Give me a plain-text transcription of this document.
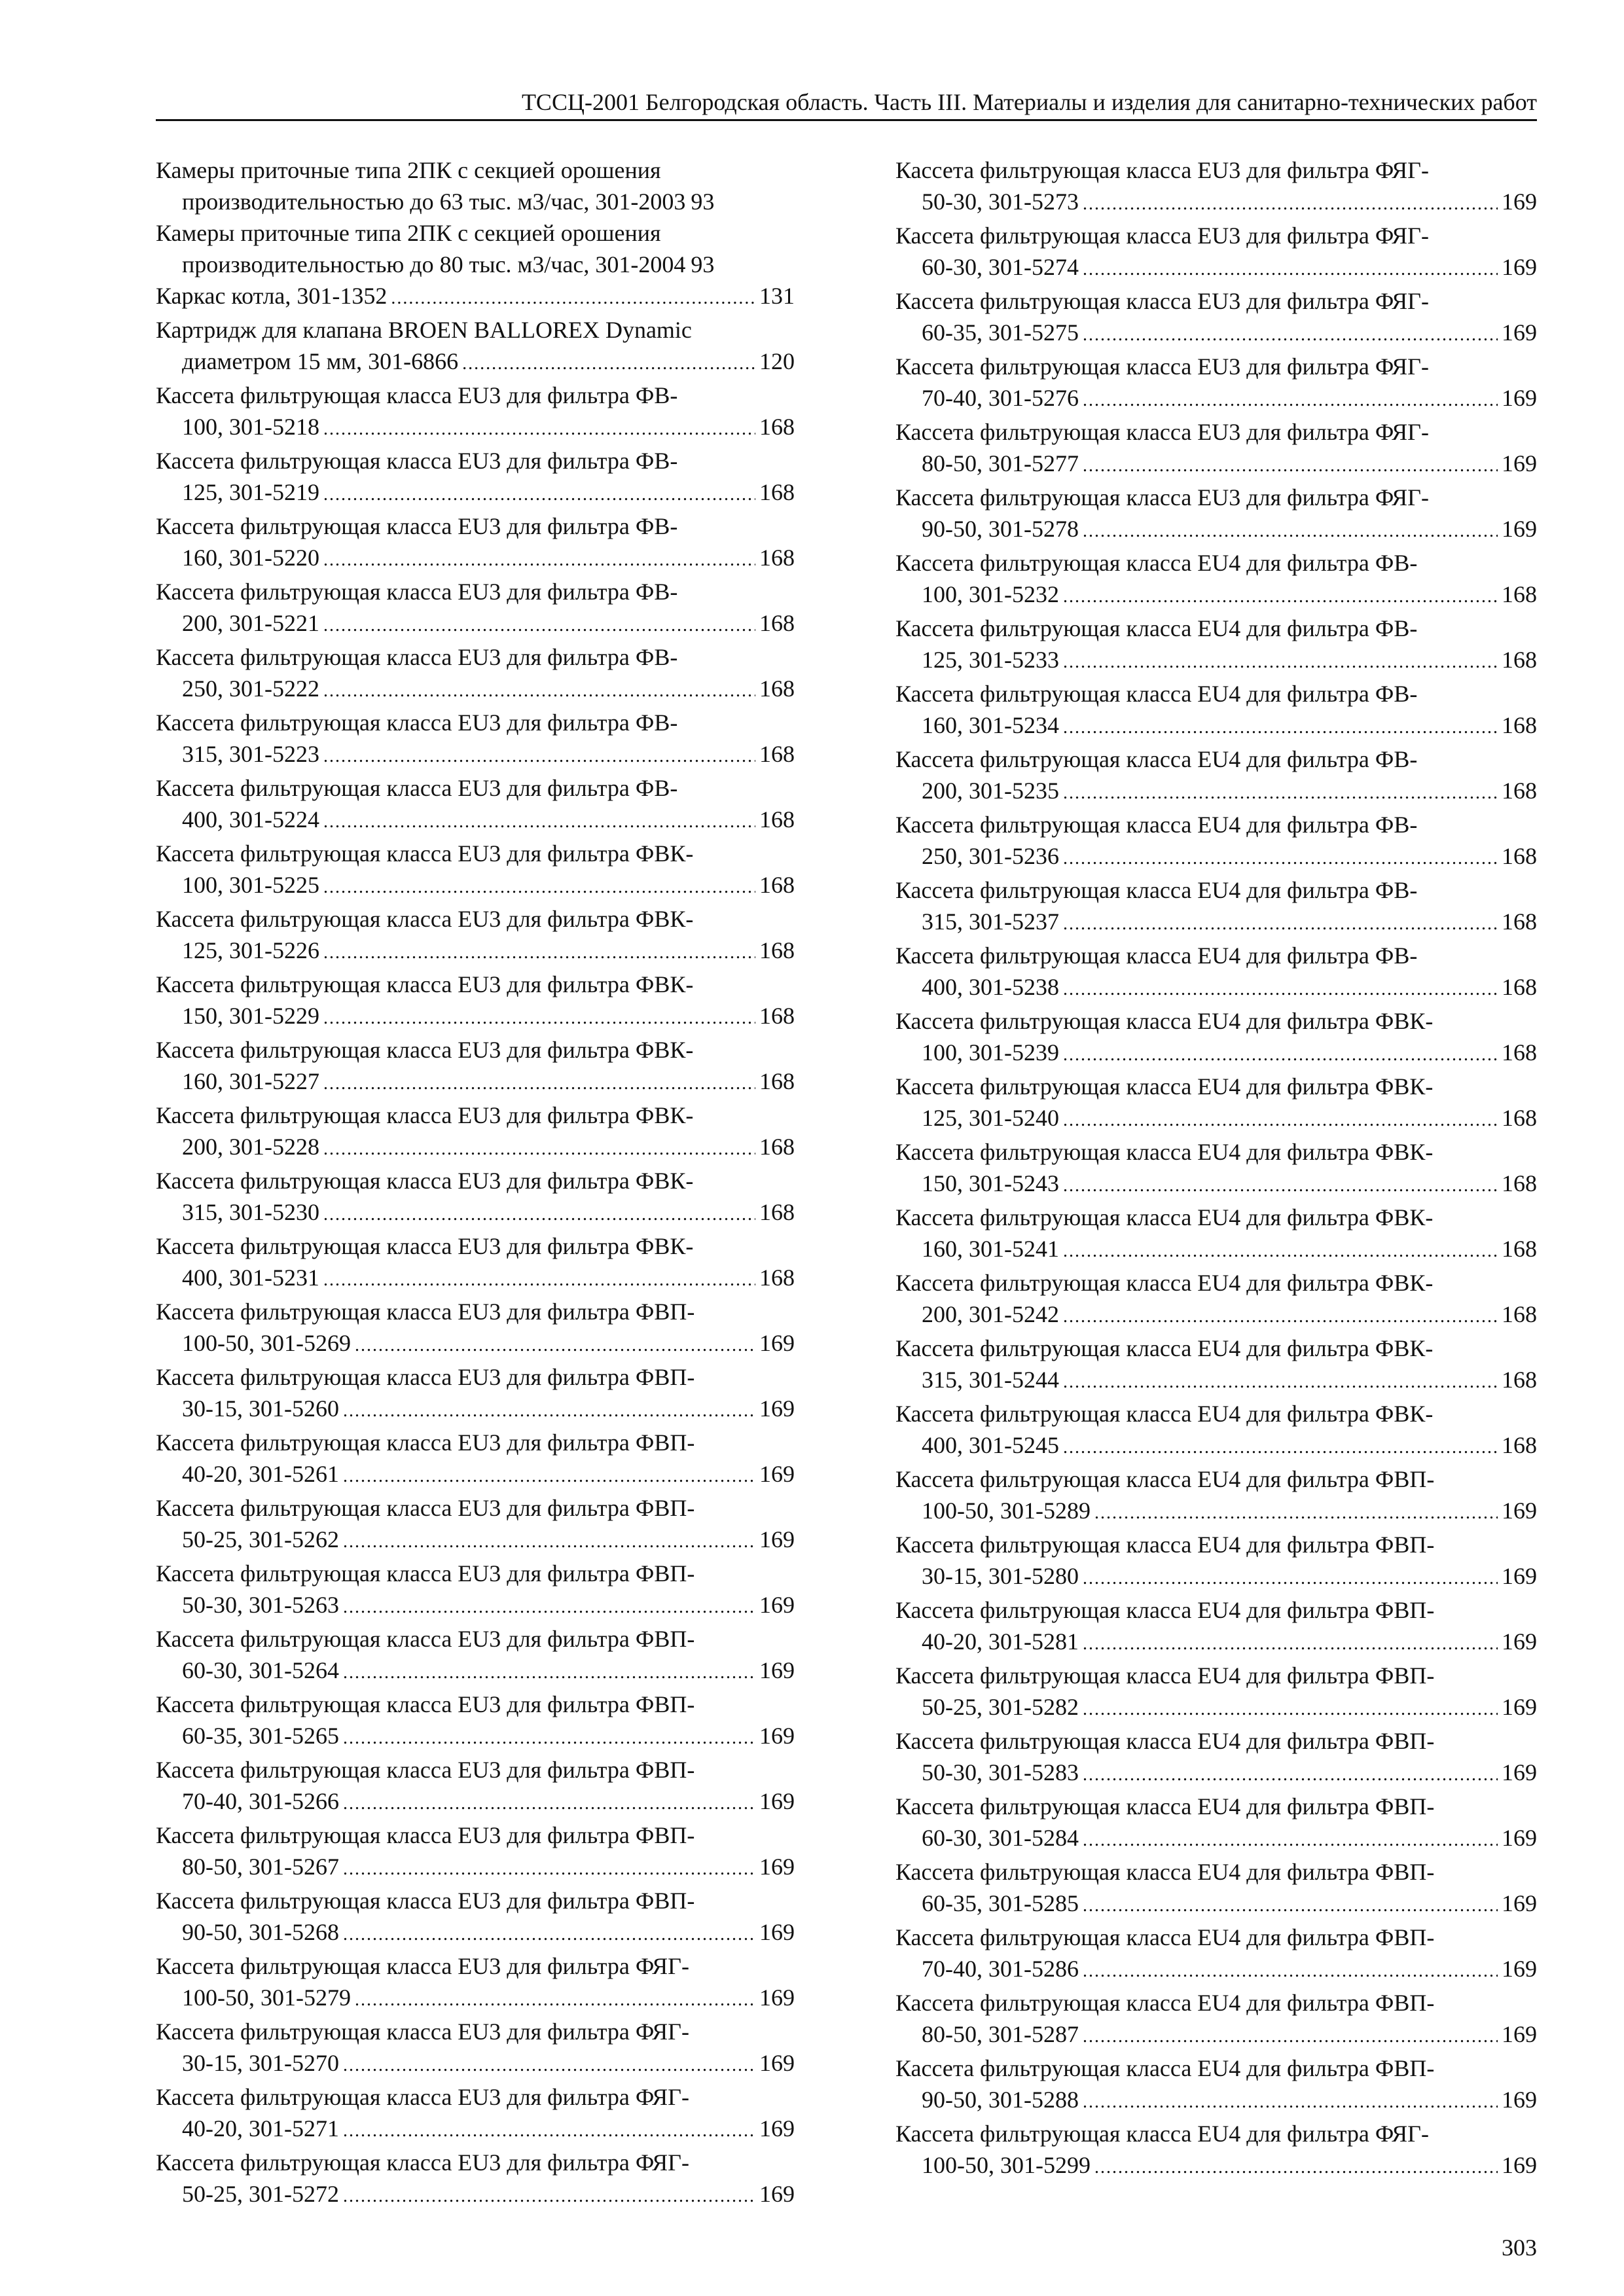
ТССЦ-2001 Белгородская область. Часть III. Материалы и изделия для санитарно-технических работ
Камеры приточные типа 2ПК с секцией орошения
производительностью до 63 тыс. м3/час, 301-2003 93
Камеры приточные типа 2ПК с секцией орошения
производительностью до 80 тыс. м3/час, 301-2004 93
Каркас котла, 301-1352 .....	131
Картридж для клапана BROEN BALLOREX Dynamic
диаметром 15 мм, 301-6866 .....	120
Кассета фильтрующая класса EU3 для фильтра ФВ-
100, 301-5218 .....	168
Кассета фильтрующая класса EU3 для фильтра ФВ-
125, 301-5219 .....	168
Кассета фильтрующая класса EU3 для фильтра ФВ-
160, 301-5220 .....	168
Кассета фильтрующая класса EU3 для фильтра ФВ-
200, 301-5221 .....	168
Кассета фильтрующая класса EU3 для фильтра ФВ-
250, 301-5222 .....	168
Кассета фильтрующая класса EU3 для фильтра ФВ-
315, 301-5223 .....	168
Кассета фильтрующая класса EU3 для фильтра ФВ-
400, 301-5224 .....	168
Кассета фильтрующая класса EU3 для фильтра ФВК-
100, 301-5225 .....	168
Кассета фильтрующая класса EU3 для фильтра ФВК-
125, 301-5226 .....	168
Кассета фильтрующая класса EU3 для фильтра ФВК-
150, 301-5229 .....	168
Кассета фильтрующая класса EU3 для фильтра ФВК-
160, 301-5227 .....	168
Кассета фильтрующая класса EU3 для фильтра ФВК-
200, 301-5228 .....	168
Кассета фильтрующая класса EU3 для фильтра ФВК-
315, 301-5230 .....	168
Кассета фильтрующая класса EU3 для фильтра ФВК-
400, 301-5231 .....	168
Кассета фильтрующая класса EU3 для фильтра ФВП-
100-50, 301-5269 .....	169
Кассета фильтрующая класса EU3 для фильтра ФВП-
30-15, 301-5260 .....	169
Кассета фильтрующая класса EU3 для фильтра ФВП-
40-20, 301-5261 .....	169
Кассета фильтрующая класса EU3 для фильтра ФВП-
50-25, 301-5262 .....	169
Кассета фильтрующая класса EU3 для фильтра ФВП-
50-30, 301-5263 .....	169
Кассета фильтрующая класса EU3 для фильтра ФВП-
60-30, 301-5264 .....	169
Кассета фильтрующая класса EU3 для фильтра ФВП-
60-35, 301-5265 .....	169
Кассета фильтрующая класса EU3 для фильтра ФВП-
70-40, 301-5266 .....	169
Кассета фильтрующая класса EU3 для фильтра ФВП-
80-50, 301-5267 .....	169
Кассета фильтрующая класса EU3 для фильтра ФВП-
90-50, 301-5268 .....	169
Кассета фильтрующая класса EU3 для фильтра ФЯГ-
100-50, 301-5279 .....	169
Кассета фильтрующая класса EU3 для фильтра ФЯГ-
30-15, 301-5270 .....	169
Кассета фильтрующая класса EU3 для фильтра ФЯГ-
40-20, 301-5271 .....	169
Кассета фильтрующая класса EU3 для фильтра ФЯГ-
50-25, 301-5272 .....	169
Кассета фильтрующая класса EU3 для фильтра ФЯГ-
50-30, 301-5273 .....	169
Кассета фильтрующая класса EU3 для фильтра ФЯГ-
60-30, 301-5274 .....	169
Кассета фильтрующая класса EU3 для фильтра ФЯГ-
60-35, 301-5275 .....	169
Кассета фильтрующая класса EU3 для фильтра ФЯГ-
70-40, 301-5276 .....	169
Кассета фильтрующая класса EU3 для фильтра ФЯГ-
80-50, 301-5277 .....	169
Кассета фильтрующая класса EU3 для фильтра ФЯГ-
90-50, 301-5278 .....	169
Кассета фильтрующая класса EU4 для фильтра ФВ-
100, 301-5232 .....	168
Кассета фильтрующая класса EU4 для фильтра ФВ-
125, 301-5233 .....	168
Кассета фильтрующая класса EU4 для фильтра ФВ-
160, 301-5234 .....	168
Кассета фильтрующая класса EU4 для фильтра ФВ-
200, 301-5235 .....	168
Кассета фильтрующая класса EU4 для фильтра ФВ-
250, 301-5236 .....	168
Кассета фильтрующая класса EU4 для фильтра ФВ-
315, 301-5237 .....	168
Кассета фильтрующая класса EU4 для фильтра ФВ-
400, 301-5238 .....	168
Кассета фильтрующая класса EU4 для фильтра ФВК-
100, 301-5239 .....	168
Кассета фильтрующая класса EU4 для фильтра ФВК-
125, 301-5240 .....	168
Кассета фильтрующая класса EU4 для фильтра ФВК-
150, 301-5243 .....	168
Кассета фильтрующая класса EU4 для фильтра ФВК-
160, 301-5241 .....	168
Кассета фильтрующая класса EU4 для фильтра ФВК-
200, 301-5242 .....	168
Кассета фильтрующая класса EU4 для фильтра ФВК-
315, 301-5244 .....	168
Кассета фильтрующая класса EU4 для фильтра ФВК-
400, 301-5245 .....	168
Кассета фильтрующая класса EU4 для фильтра ФВП-
100-50, 301-5289 .....	169
Кассета фильтрующая класса EU4 для фильтра ФВП-
30-15, 301-5280 .....	169
Кассета фильтрующая класса EU4 для фильтра ФВП-
40-20, 301-5281 .....	169
Кассета фильтрующая класса EU4 для фильтра ФВП-
50-25, 301-5282 .....	169
Кассета фильтрующая класса EU4 для фильтра ФВП-
50-30, 301-5283 .....	169
Кассета фильтрующая класса EU4 для фильтра ФВП-
60-30, 301-5284 .....	169
Кассета фильтрующая класса EU4 для фильтра ФВП-
60-35, 301-5285 .....	169
Кассета фильтрующая класса EU4 для фильтра ФВП-
70-40, 301-5286 .....	169
Кассета фильтрующая класса EU4 для фильтра ФВП-
80-50, 301-5287 .....	169
Кассета фильтрующая класса EU4 для фильтра ФВП-
90-50, 301-5288 .....	169
Кассета фильтрующая класса EU4 для фильтра ФЯГ-
100-50, 301-5299 .....	169
303
